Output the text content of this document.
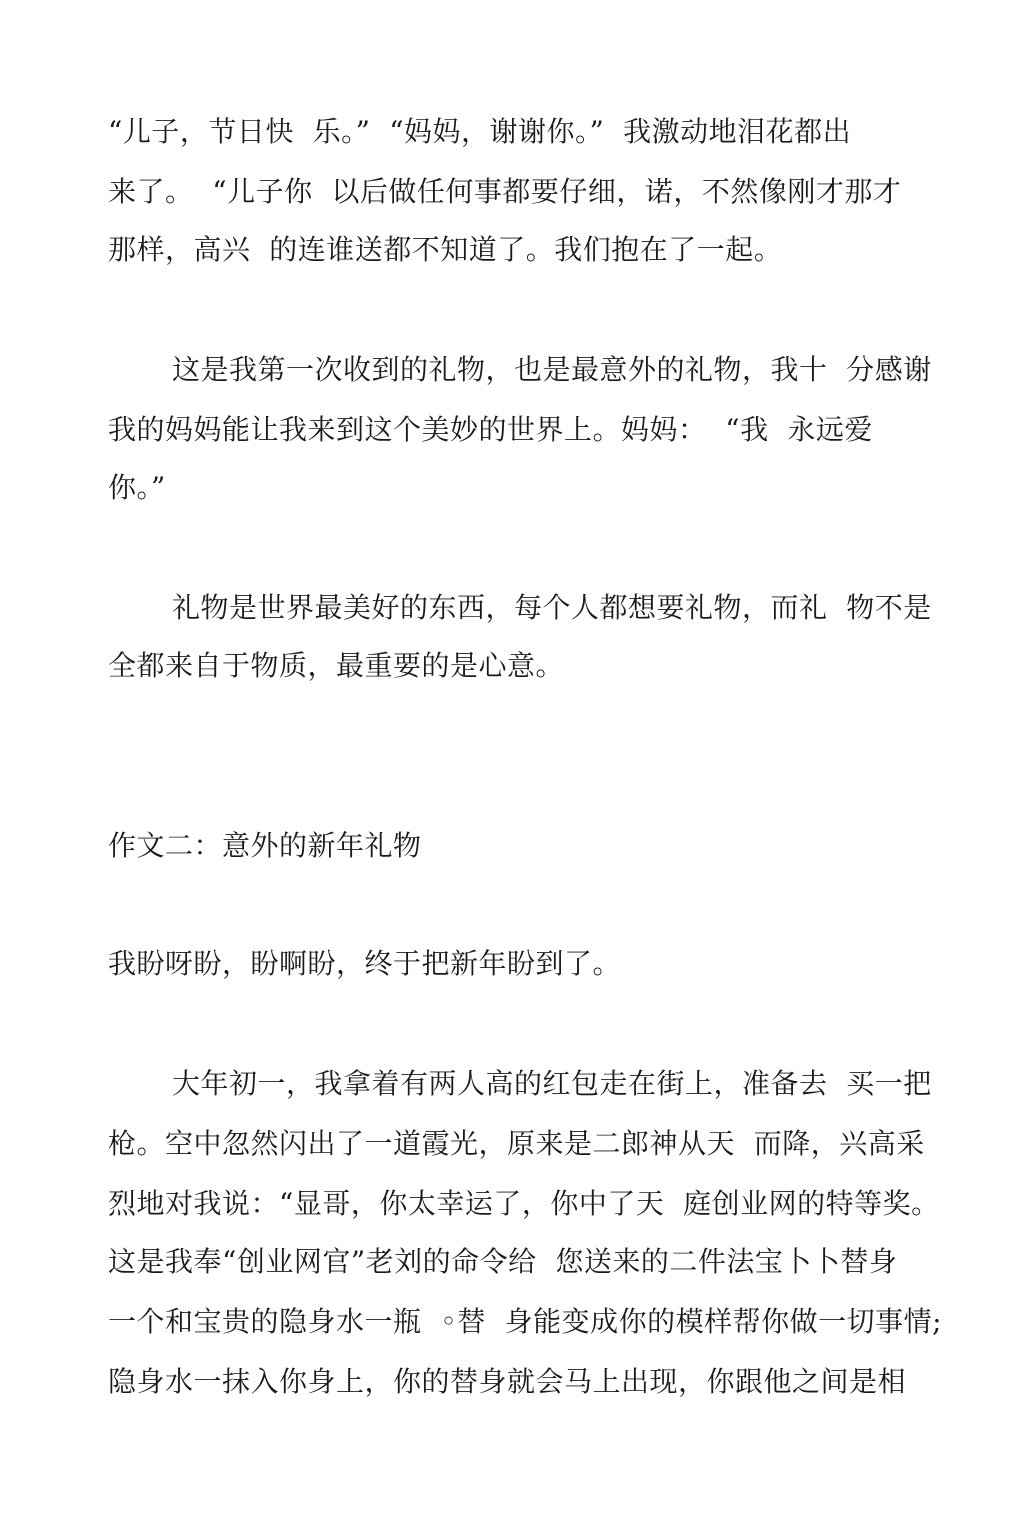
“儿子，节日快  乐。”  “妈妈，谢谢你。”  我激动地泪花都出
来了。  “儿子你  以后做任何事都要仔细，诺，不然像刚才那才
那样，高兴  的连谁送都不知道了。我们抱在了一起。
这是我第一次收到的礼物，也是最意外的礼物，我十  分感谢
我的妈妈能让我来到这个美妙的世界上。妈妈：  “我  永远爱
你。”
礼物是世界最美好的东西，每个人都想要礼物，而礼  物不是
全都来自于物质，最重要的是心意。
作文二：意外的新年礼物
我盼呀盼，盼啊盼，终于把新年盼到了。
大年初一，我拿着有两人高的红包走在街上，准备去  买一把
枪。空中忽然闪出了一道霞光，原来是二郎神从天  而降，兴高采
烈地对我说：“显哥，你太幸运了，你中了天  庭创业网的特等奖。
这是我奉“创业网官”老刘的命令给  您送来的二件法宝卜卜替身
一个和宝贵的隐身水一瓶  ◦替  身能变成你的模样帮你做一切事情;
隐身水一抹入你身上，你的替身就会马上出现，你跟他之间是相
